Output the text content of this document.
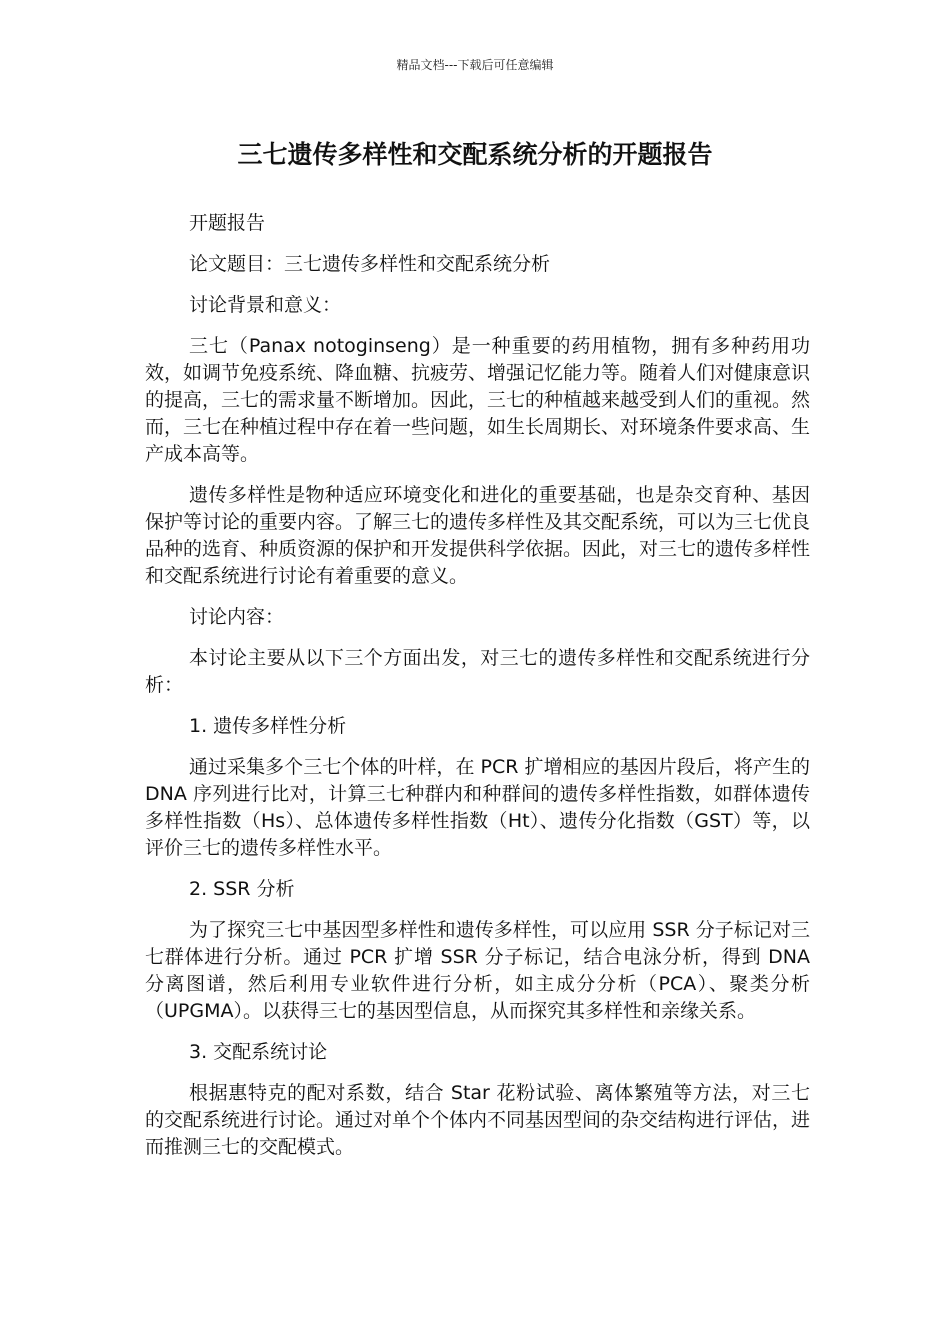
精品文档---下载后可任意编辑
三七遗传多样性和交配系统分析的开题报告

开题报告

论文题目：三七遗传多样性和交配系统分析

讨论背景和意义：

三七（Panax notoginseng）是一种重要的药用植物，拥有多种药用功效，如调节免疫系统、降血糖、抗疲劳、增强记忆能力等。随着人们对健康意识的提高，三七的需求量不断增加。因此，三七的种植越来越受到人们的重视。然而，三七在种植过程中存在着一些问题，如生长周期长、对环境条件要求高、生产成本高等。

遗传多样性是物种适应环境变化和进化的重要基础，也是杂交育种、基因保护等讨论的重要内容。了解三七的遗传多样性及其交配系统，可以为三七优良品种的选育、种质资源的保护和开发提供科学依据。因此，对三七的遗传多样性和交配系统进行讨论有着重要的意义。

讨论内容：

本讨论主要从以下三个方面出发，对三七的遗传多样性和交配系统进行分析：

1. 遗传多样性分析

通过采集多个三七个体的叶样，在 PCR 扩增相应的基因片段后，将产生的 DNA 序列进行比对，计算三七种群内和种群间的遗传多样性指数，如群体遗传多样性指数（Hs）、总体遗传多样性指数（Ht）、遗传分化指数（GST）等，以评价三七的遗传多样性水平。

2. SSR 分析

为了探究三七中基因型多样性和遗传多样性，可以应用 SSR 分子标记对三七群体进行分析。通过 PCR 扩增 SSR 分子标记，结合电泳分析，得到 DNA 分离图谱，然后利用专业软件进行分析，如主成分分析（PCA）、聚类分析（UPGMA）。以获得三七的基因型信息，从而探究其多样性和亲缘关系。

3. 交配系统讨论

根据惠特克的配对系数，结合 Star 花粉试验、离体繁殖等方法，对三七的交配系统进行讨论。通过对单个个体内不同基因型间的杂交结构进行评估，进而推测三七的交配模式。
